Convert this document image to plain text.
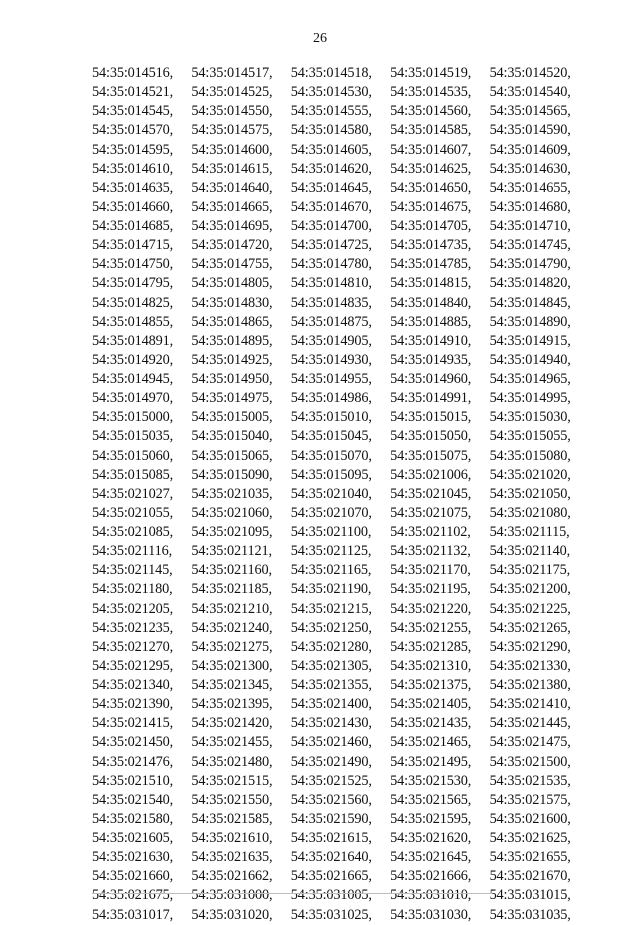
26
54:35:014516,	54:35:014517,	54:35:014518,	54:35:014519,	54:35:014520,
54:35:014521,	54:35:014525,	54:35:014530,	54:35:014535,	54:35:014540,
54:35:014545,	54:35:014550,	54:35:014555,	54:35:014560,	54:35:014565,
54:35:014570,	54:35:014575,	54:35:014580,	54:35:014585,	54:35:014590,
54:35:014595,	54:35:014600,	54:35:014605,	54:35:014607,	54:35:014609,
54:35:014610,	54:35:014615,	54:35:014620,	54:35:014625,	54:35:014630,
54:35:014635,	54:35:014640,	54:35:014645,	54:35:014650,	54:35:014655,
54:35:014660,	54:35:014665,	54:35:014670,	54:35:014675,	54:35:014680,
54:35:014685,	54:35:014695,	54:35:014700,	54:35:014705,	54:35:014710,
54:35:014715,	54:35:014720,	54:35:014725,	54:35:014735,	54:35:014745,
54:35:014750,	54:35:014755,	54:35:014780,	54:35:014785,	54:35:014790,
54:35:014795,	54:35:014805,	54:35:014810,	54:35:014815,	54:35:014820,
54:35:014825,	54:35:014830,	54:35:014835,	54:35:014840,	54:35:014845,
54:35:014855,	54:35:014865,	54:35:014875,	54:35:014885,	54:35:014890,
54:35:014891,	54:35:014895,	54:35:014905,	54:35:014910,	54:35:014915,
54:35:014920,	54:35:014925,	54:35:014930,	54:35:014935,	54:35:014940,
54:35:014945,	54:35:014950,	54:35:014955,	54:35:014960,	54:35:014965,
54:35:014970,	54:35:014975,	54:35:014986,	54:35:014991,	54:35:014995,
54:35:015000,	54:35:015005,	54:35:015010,	54:35:015015,	54:35:015030,
54:35:015035,	54:35:015040,	54:35:015045,	54:35:015050,	54:35:015055,
54:35:015060,	54:35:015065,	54:35:015070,	54:35:015075,	54:35:015080,
54:35:015085,	54:35:015090,	54:35:015095,	54:35:021006,	54:35:021020,
54:35:021027,	54:35:021035,	54:35:021040,	54:35:021045,	54:35:021050,
54:35:021055,	54:35:021060,	54:35:021070,	54:35:021075,	54:35:021080,
54:35:021085,	54:35:021095,	54:35:021100,	54:35:021102,	54:35:021115,
54:35:021116,	54:35:021121,	54:35:021125,	54:35:021132,	54:35:021140,
54:35:021145,	54:35:021160,	54:35:021165,	54:35:021170,	54:35:021175,
54:35:021180,	54:35:021185,	54:35:021190,	54:35:021195,	54:35:021200,
54:35:021205,	54:35:021210,	54:35:021215,	54:35:021220,	54:35:021225,
54:35:021235,	54:35:021240,	54:35:021250,	54:35:021255,	54:35:021265,
54:35:021270,	54:35:021275,	54:35:021280,	54:35:021285,	54:35:021290,
54:35:021295,	54:35:021300,	54:35:021305,	54:35:021310,	54:35:021330,
54:35:021340,	54:35:021345,	54:35:021355,	54:35:021375,	54:35:021380,
54:35:021390,	54:35:021395,	54:35:021400,	54:35:021405,	54:35:021410,
54:35:021415,	54:35:021420,	54:35:021430,	54:35:021435,	54:35:021445,
54:35:021450,	54:35:021455,	54:35:021460,	54:35:021465,	54:35:021475,
54:35:021476,	54:35:021480,	54:35:021490,	54:35:021495,	54:35:021500,
54:35:021510,	54:35:021515,	54:35:021525,	54:35:021530,	54:35:021535,
54:35:021540,	54:35:021550,	54:35:021560,	54:35:021565,	54:35:021575,
54:35:021580,	54:35:021585,	54:35:021590,	54:35:021595,	54:35:021600,
54:35:021605,	54:35:021610,	54:35:021615,	54:35:021620,	54:35:021625,
54:35:021630,	54:35:021635,	54:35:021640,	54:35:021645,	54:35:021655,
54:35:021660,	54:35:021662,	54:35:021665,	54:35:021666,	54:35:021670,
54:35:021675,	54:35:031000,	54:35:031005,	54:35:031010,	54:35:031015,
54:35:031017,	54:35:031020,	54:35:031025,	54:35:031030,	54:35:031035,
